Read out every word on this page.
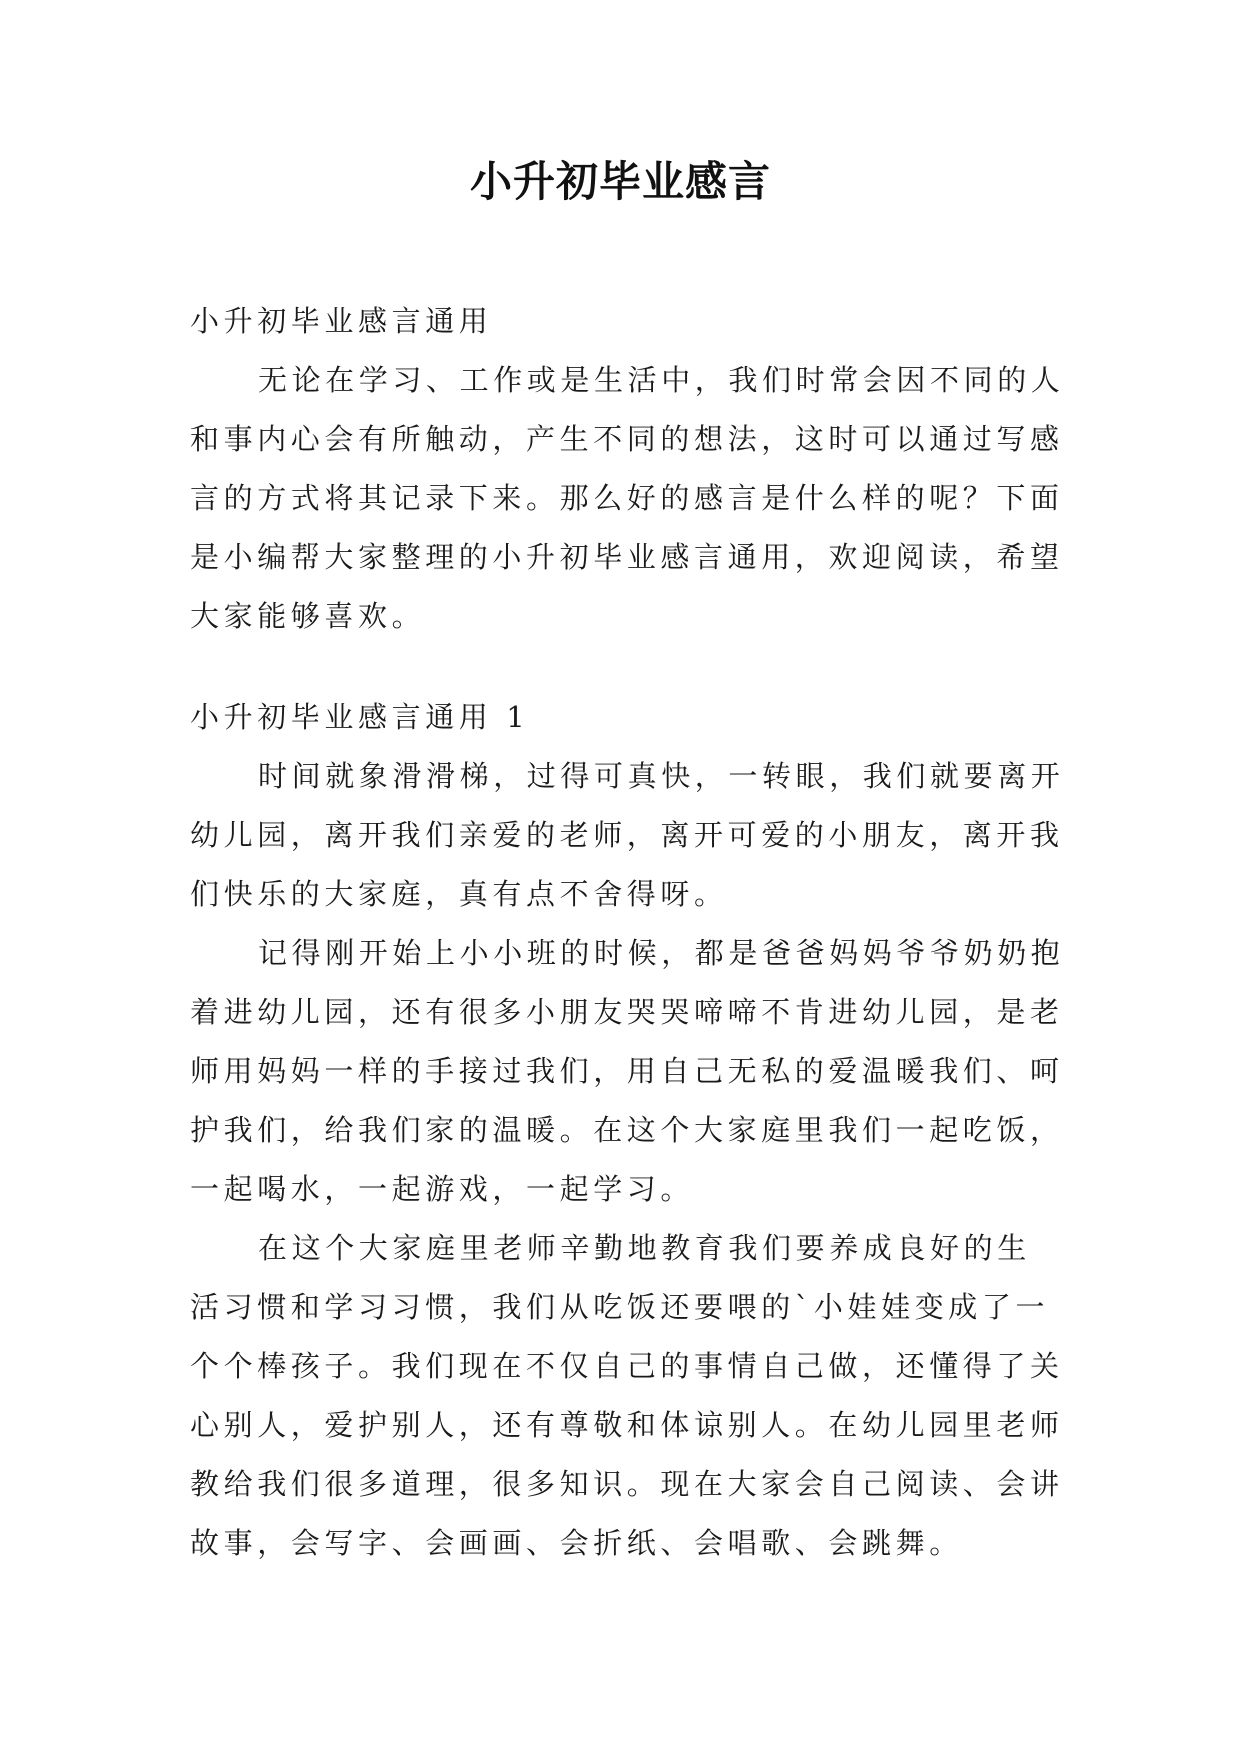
小升初毕业感言

小升初毕业感言通用

无论在学习、工作或是生活中，我们时常会因不同的人

和事内心会有所触动，产生不同的想法，这时可以通过写感

言的方式将其记录下来。那么好的感言是什么样的呢？下面

是小编帮大家整理的小升初毕业感言通用，欢迎阅读，希望

大家能够喜欢。

小升初毕业感言通用 1

时间就象滑滑梯，过得可真快，一转眼，我们就要离开

幼儿园，离开我们亲爱的老师，离开可爱的小朋友，离开我

们快乐的大家庭，真有点不舍得呀。

记得刚开始上小小班的时候，都是爸爸妈妈爷爷奶奶抱

着进幼儿园，还有很多小朋友哭哭啼啼不肯进幼儿园，是老

师用妈妈一样的手接过我们，用自己无私的爱温暖我们、呵

护我们，给我们家的温暖。在这个大家庭里我们一起吃饭，

一起喝水，一起游戏，一起学习。

在这个大家庭里老师辛勤地教育我们要养成良好的生

活习惯和学习习惯，我们从吃饭还要喂的`小娃娃变成了一

个个棒孩子。我们现在不仅自己的事情自己做，还懂得了关

心别人，爱护别人，还有尊敬和体谅别人。在幼儿园里老师

教给我们很多道理，很多知识。现在大家会自己阅读、会讲

故事，会写字、会画画、会折纸、会唱歌、会跳舞。
